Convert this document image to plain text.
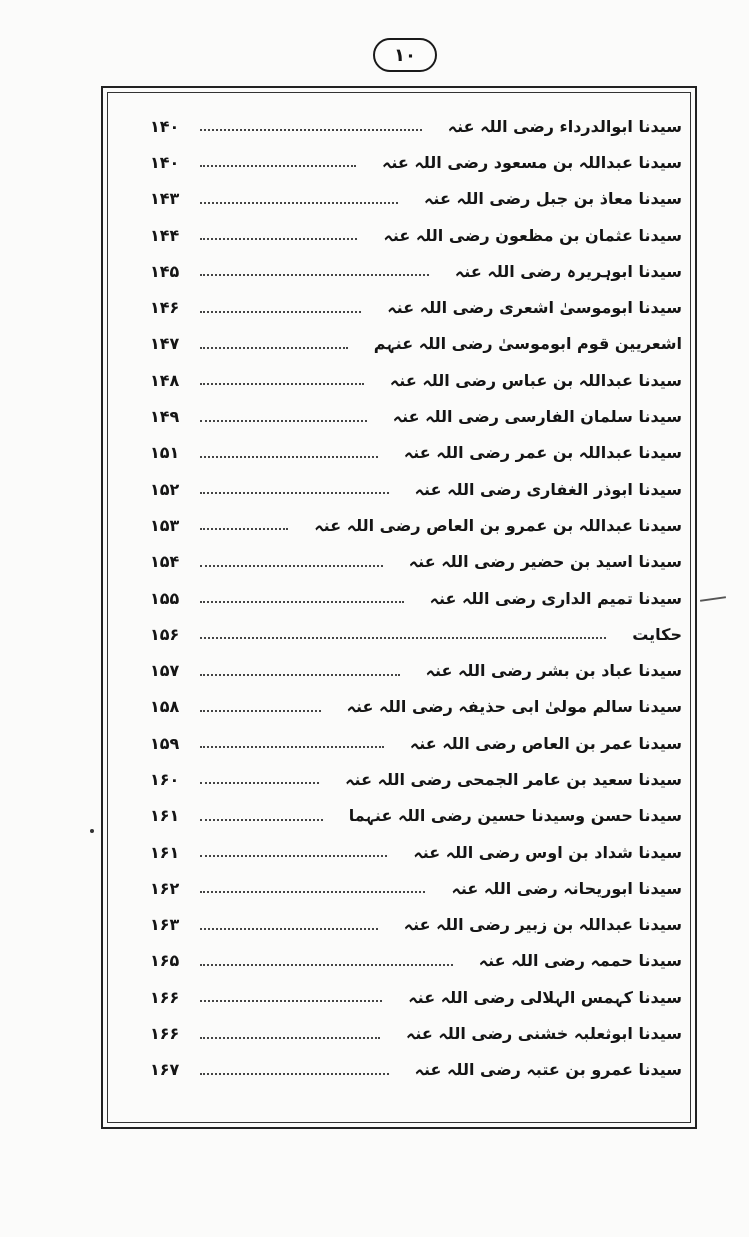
۱۰
سیدنا ابوالدرداء رضی اللہ عنہ
۱۴۰
سیدنا عبداللہ بن مسعود رضی اللہ عنہ
۱۴۰
سیدنا معاذ بن جبل رضی اللہ عنہ
۱۴۳
سیدنا عثمان بن مظعون رضی اللہ عنہ
۱۴۴
سیدنا ابوہریرہ رضی اللہ عنہ
۱۴۵
سیدنا ابوموسیٰ اشعری رضی اللہ عنہ
۱۴۶
اشعریین قوم ابوموسیٰ رضی اللہ عنہم
۱۴۷
سیدنا عبداللہ بن عباس رضی اللہ عنہ
۱۴۸
سیدنا سلمان الفارسی رضی اللہ عنہ
۱۴۹
سیدنا عبداللہ بن عمر رضی اللہ عنہ
۱۵۱
سیدنا ابوذر الغفاری رضی اللہ عنہ
۱۵۲
سیدنا عبداللہ بن عمرو بن العاص رضی اللہ عنہ
۱۵۳
سیدنا اسید بن حضیر رضی اللہ عنہ
۱۵۴
سیدنا تمیم الداری رضی اللہ عنہ
۱۵۵
حکایت
۱۵۶
سیدنا عباد بن بشر رضی اللہ عنہ
۱۵۷
سیدنا سالم مولیٰ ابی حذیفہ رضی اللہ عنہ
۱۵۸
سیدنا عمر بن العاص رضی اللہ عنہ
۱۵۹
سیدنا سعید بن عامر الجمحی رضی اللہ عنہ
۱۶۰
سیدنا حسن وسیدنا حسین رضی اللہ عنہما
۱۶۱
سیدنا شداد بن اوس رضی اللہ عنہ
۱۶۱
سیدنا ابوریحانہ رضی اللہ عنہ
۱۶۲
سیدنا عبداللہ بن زبیر رضی اللہ عنہ
۱۶۳
سیدنا حممہ رضی اللہ عنہ
۱۶۵
سیدنا کہمس الہلالی رضی اللہ عنہ
۱۶۶
سیدنا ابوثعلبہ خشنی رضی اللہ عنہ
۱۶۶
سیدنا عمرو بن عتبہ رضی اللہ عنہ
۱۶۷
